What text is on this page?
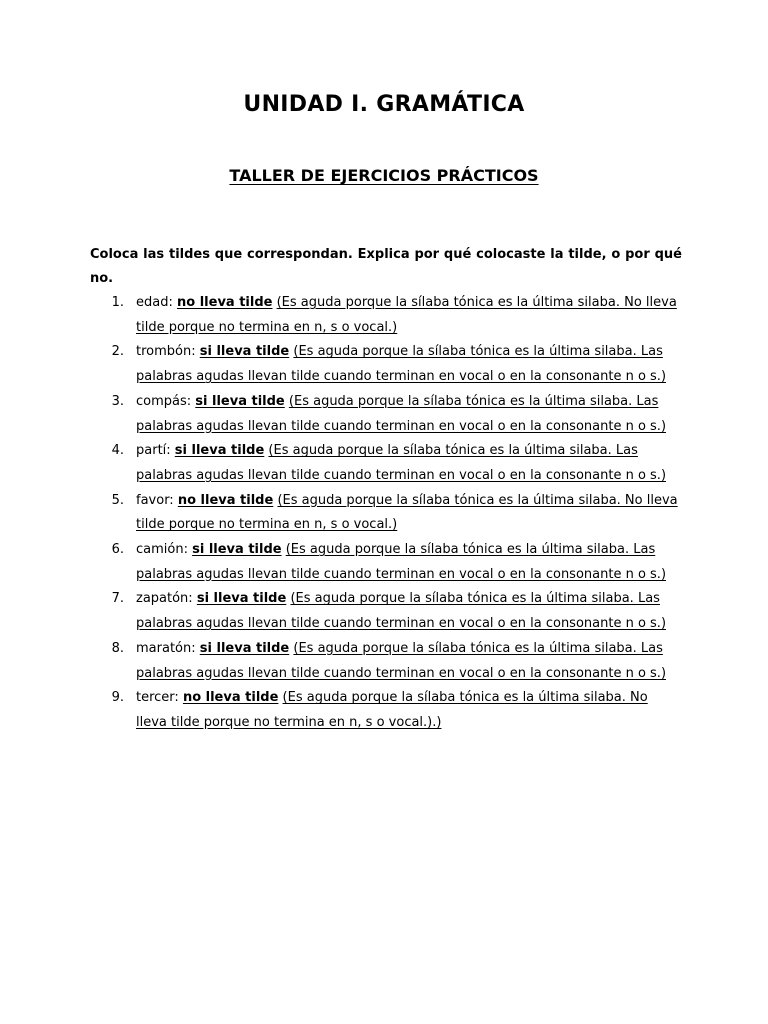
UNIDAD I. GRAMÁTICA
TALLER DE EJERCICIOS PRÁCTICOS
Coloca las tildes que correspondan. Explica por qué colocaste la tilde, o por qué no.
1. edad: no lleva tilde (Es aguda porque la sílaba tónica es la última silaba. No lleva tilde porque no termina en n, s o vocal.)
2. trombón: si lleva tilde (Es aguda porque la sílaba tónica es la última silaba. Las palabras agudas llevan tilde cuando terminan en vocal o en la consonante n o s.)
3. compás: si lleva tilde (Es aguda porque la sílaba tónica es la última silaba. Las palabras agudas llevan tilde cuando terminan en vocal o en la consonante n o s.)
4. partí: si lleva tilde (Es aguda porque la sílaba tónica es la última silaba. Las palabras agudas llevan tilde cuando terminan en vocal o en la consonante n o s.)
5. favor: no lleva tilde (Es aguda porque la sílaba tónica es la última silaba. No lleva tilde porque no termina en n, s o vocal.)
6. camión: si lleva tilde (Es aguda porque la sílaba tónica es la última silaba. Las palabras agudas llevan tilde cuando terminan en vocal o en la consonante n o s.)
7. zapatón: si lleva tilde (Es aguda porque la sílaba tónica es la última silaba. Las palabras agudas llevan tilde cuando terminan en vocal o en la consonante n o s.)
8. maratón: si lleva tilde (Es aguda porque la sílaba tónica es la última silaba. Las palabras agudas llevan tilde cuando terminan en vocal o en la consonante n o s.)
9. tercer: no lleva tilde (Es aguda porque la sílaba tónica es la última silaba. No lleva tilde porque no termina en n, s o vocal.).)
